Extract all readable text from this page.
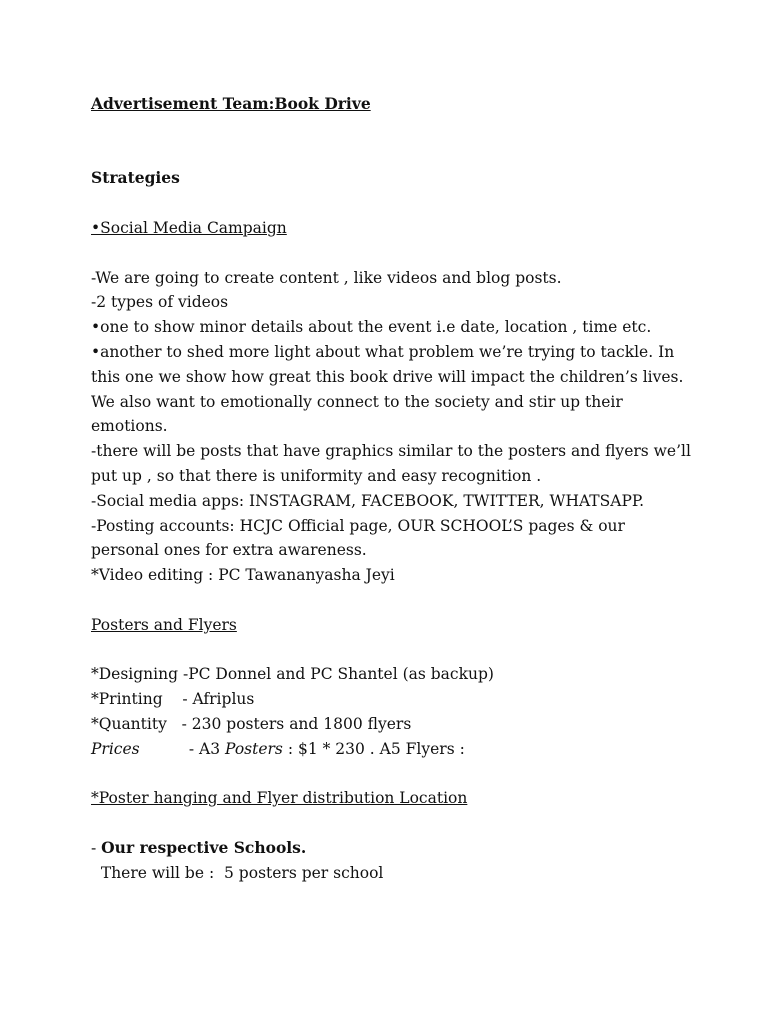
Advertisement Team:Book Drive
Strategies
•Social Media Campaign
-We are going to create content , like videos and blog posts.
-2 types of videos
•one to show minor details about the event i.e date, location , time etc.
•another to shed more light about what problem we’re trying to tackle. In this one we show how great this book drive will impact the children’s lives. We also want to emotionally connect to the society and stir up their emotions.
-there will be posts that have graphics similar to the posters and flyers we’ll put up , so that there is uniformity and easy recognition .
-Social media apps: INSTAGRAM, FACEBOOK, TWITTER, WHATSAPP.
-Posting accounts: HCJC Official page, OUR SCHOOL’S pages & our personal ones for extra awareness.
*Video editing : PC Tawananyasha Jeyi
Posters and Flyers
*Designing -PC Donnel and PC Shantel (as backup)
*Printing    - Afriplus
*Quantity   - 230 posters and 1800 flyers
Prices          - A3 Posters : $1 * 230 . A5 Flyers :
*Poster hanging and Flyer distribution Location
- Our respective Schools.
There will be :  5 posters per school
